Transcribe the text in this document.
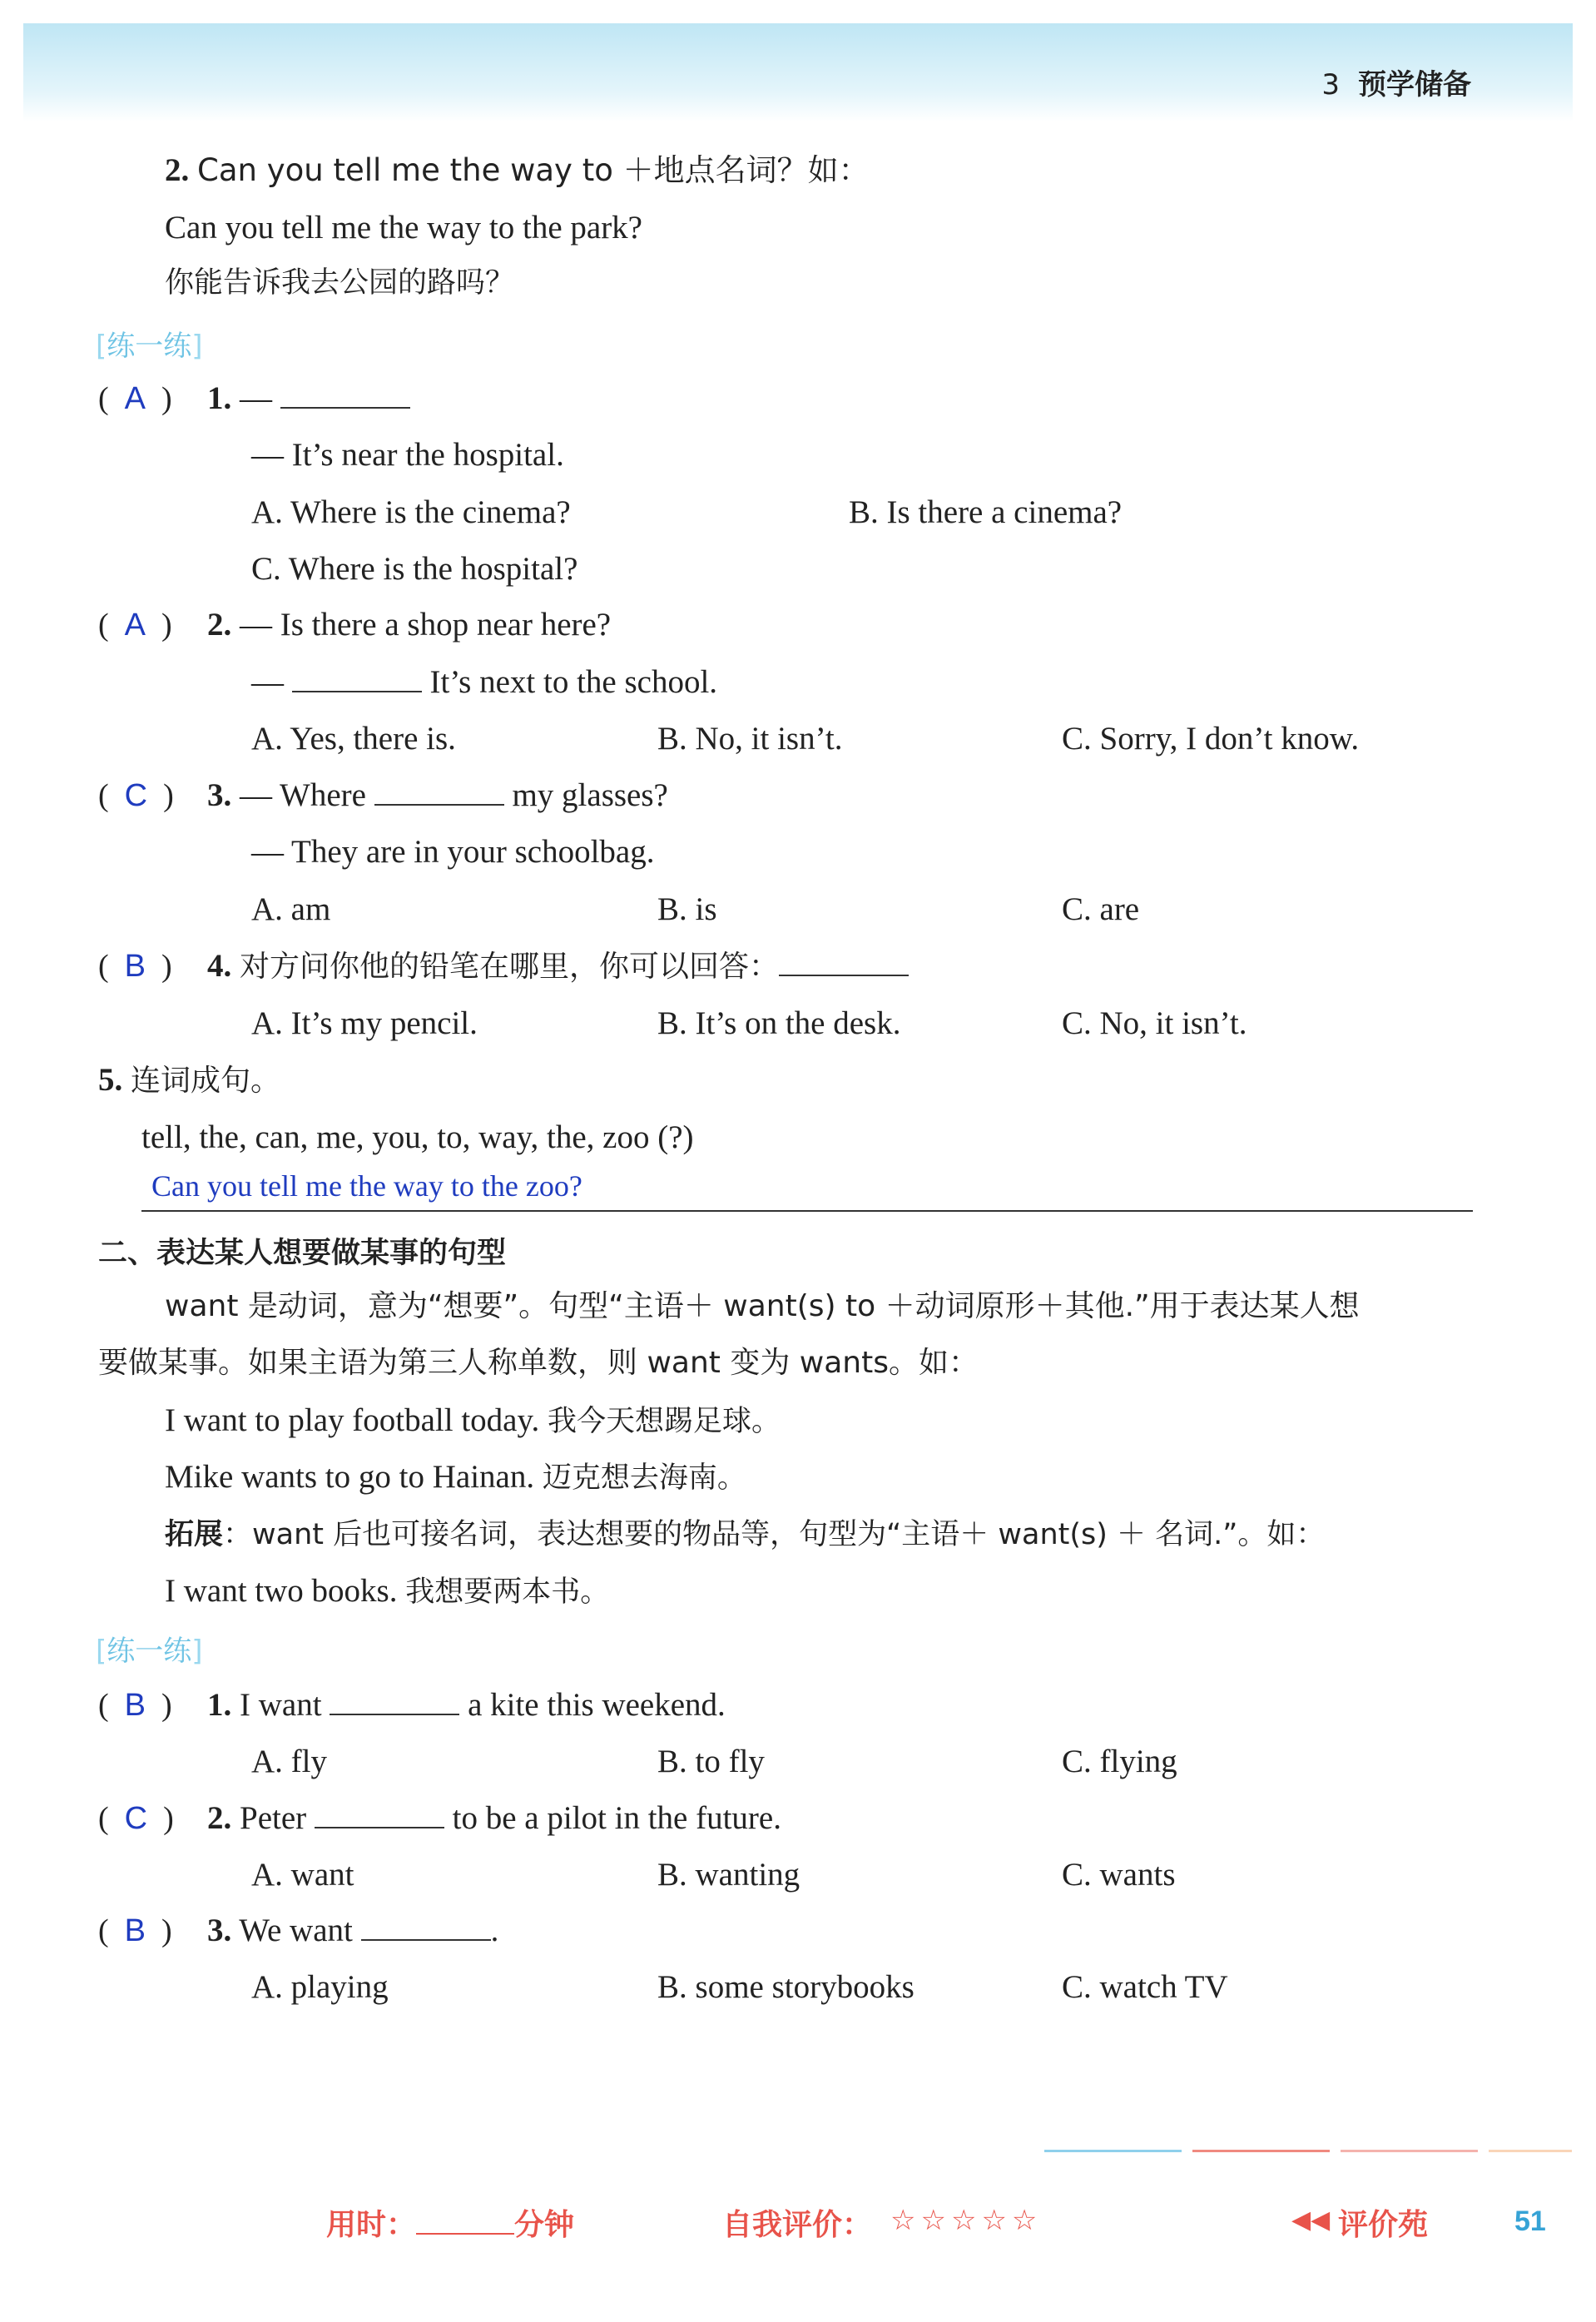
3 预学储备
2. Can you tell me the way to ＋地点名词？如：
Can you tell me the way to the park?
你能告诉我去公园的路吗？
[练一练]
(  A  ) 1. —
— It’s near the hospital.
A. Where is the cinema?	B. Is there a cinema?
C. Where is the hospital?
(  A  ) 2. — Is there a shop near here?
—	It’s next to the school.
A. Yes, there is.	B. No, it isn’t.	C. Sorry, I don’t know.
(  C  ) 3. — Where	my glasses?
— They are in your schoolbag.
A. am	B. is	C. are
(  B  ) 4. 对方问你他的铅笔在哪里，你可以回答：
A. It’s my pencil.	B. It’s on the desk.	C. No, it isn’t.
5. 连词成句。
tell, the, can, me, you, to, way, the, zoo (?)
Can you tell me the way to the zoo?
二、表达某人想要做某事的句型
want 是动词，意为“想要”。句型“主语＋ want(s) to ＋动词原形＋其他.”用于表达某人想
要做某事。如果主语为第三人称单数，则 want 变为 wants。如：
I want to play football today. 我今天想踢足球。
Mike wants to go to Hainan. 迈克想去海南。
拓展：want 后也可接名词，表达想要的物品等，句型为“主语＋ want(s) ＋ 名词.”。如：
I want two books. 我想要两本书。
[练一练]
(  B  ) 1. I want	a kite this weekend.
A. fly	B. to fly	C. flying
(  C  ) 2. Peter	to be a pilot in the future.
A. want	B. wanting	C. wants
(  B  ) 3. We want	.
A. playing	B. some storybooks	C. watch TV
用时：	分钟	自我评价： ☆☆☆☆☆	◀◀ 评价苑	51
